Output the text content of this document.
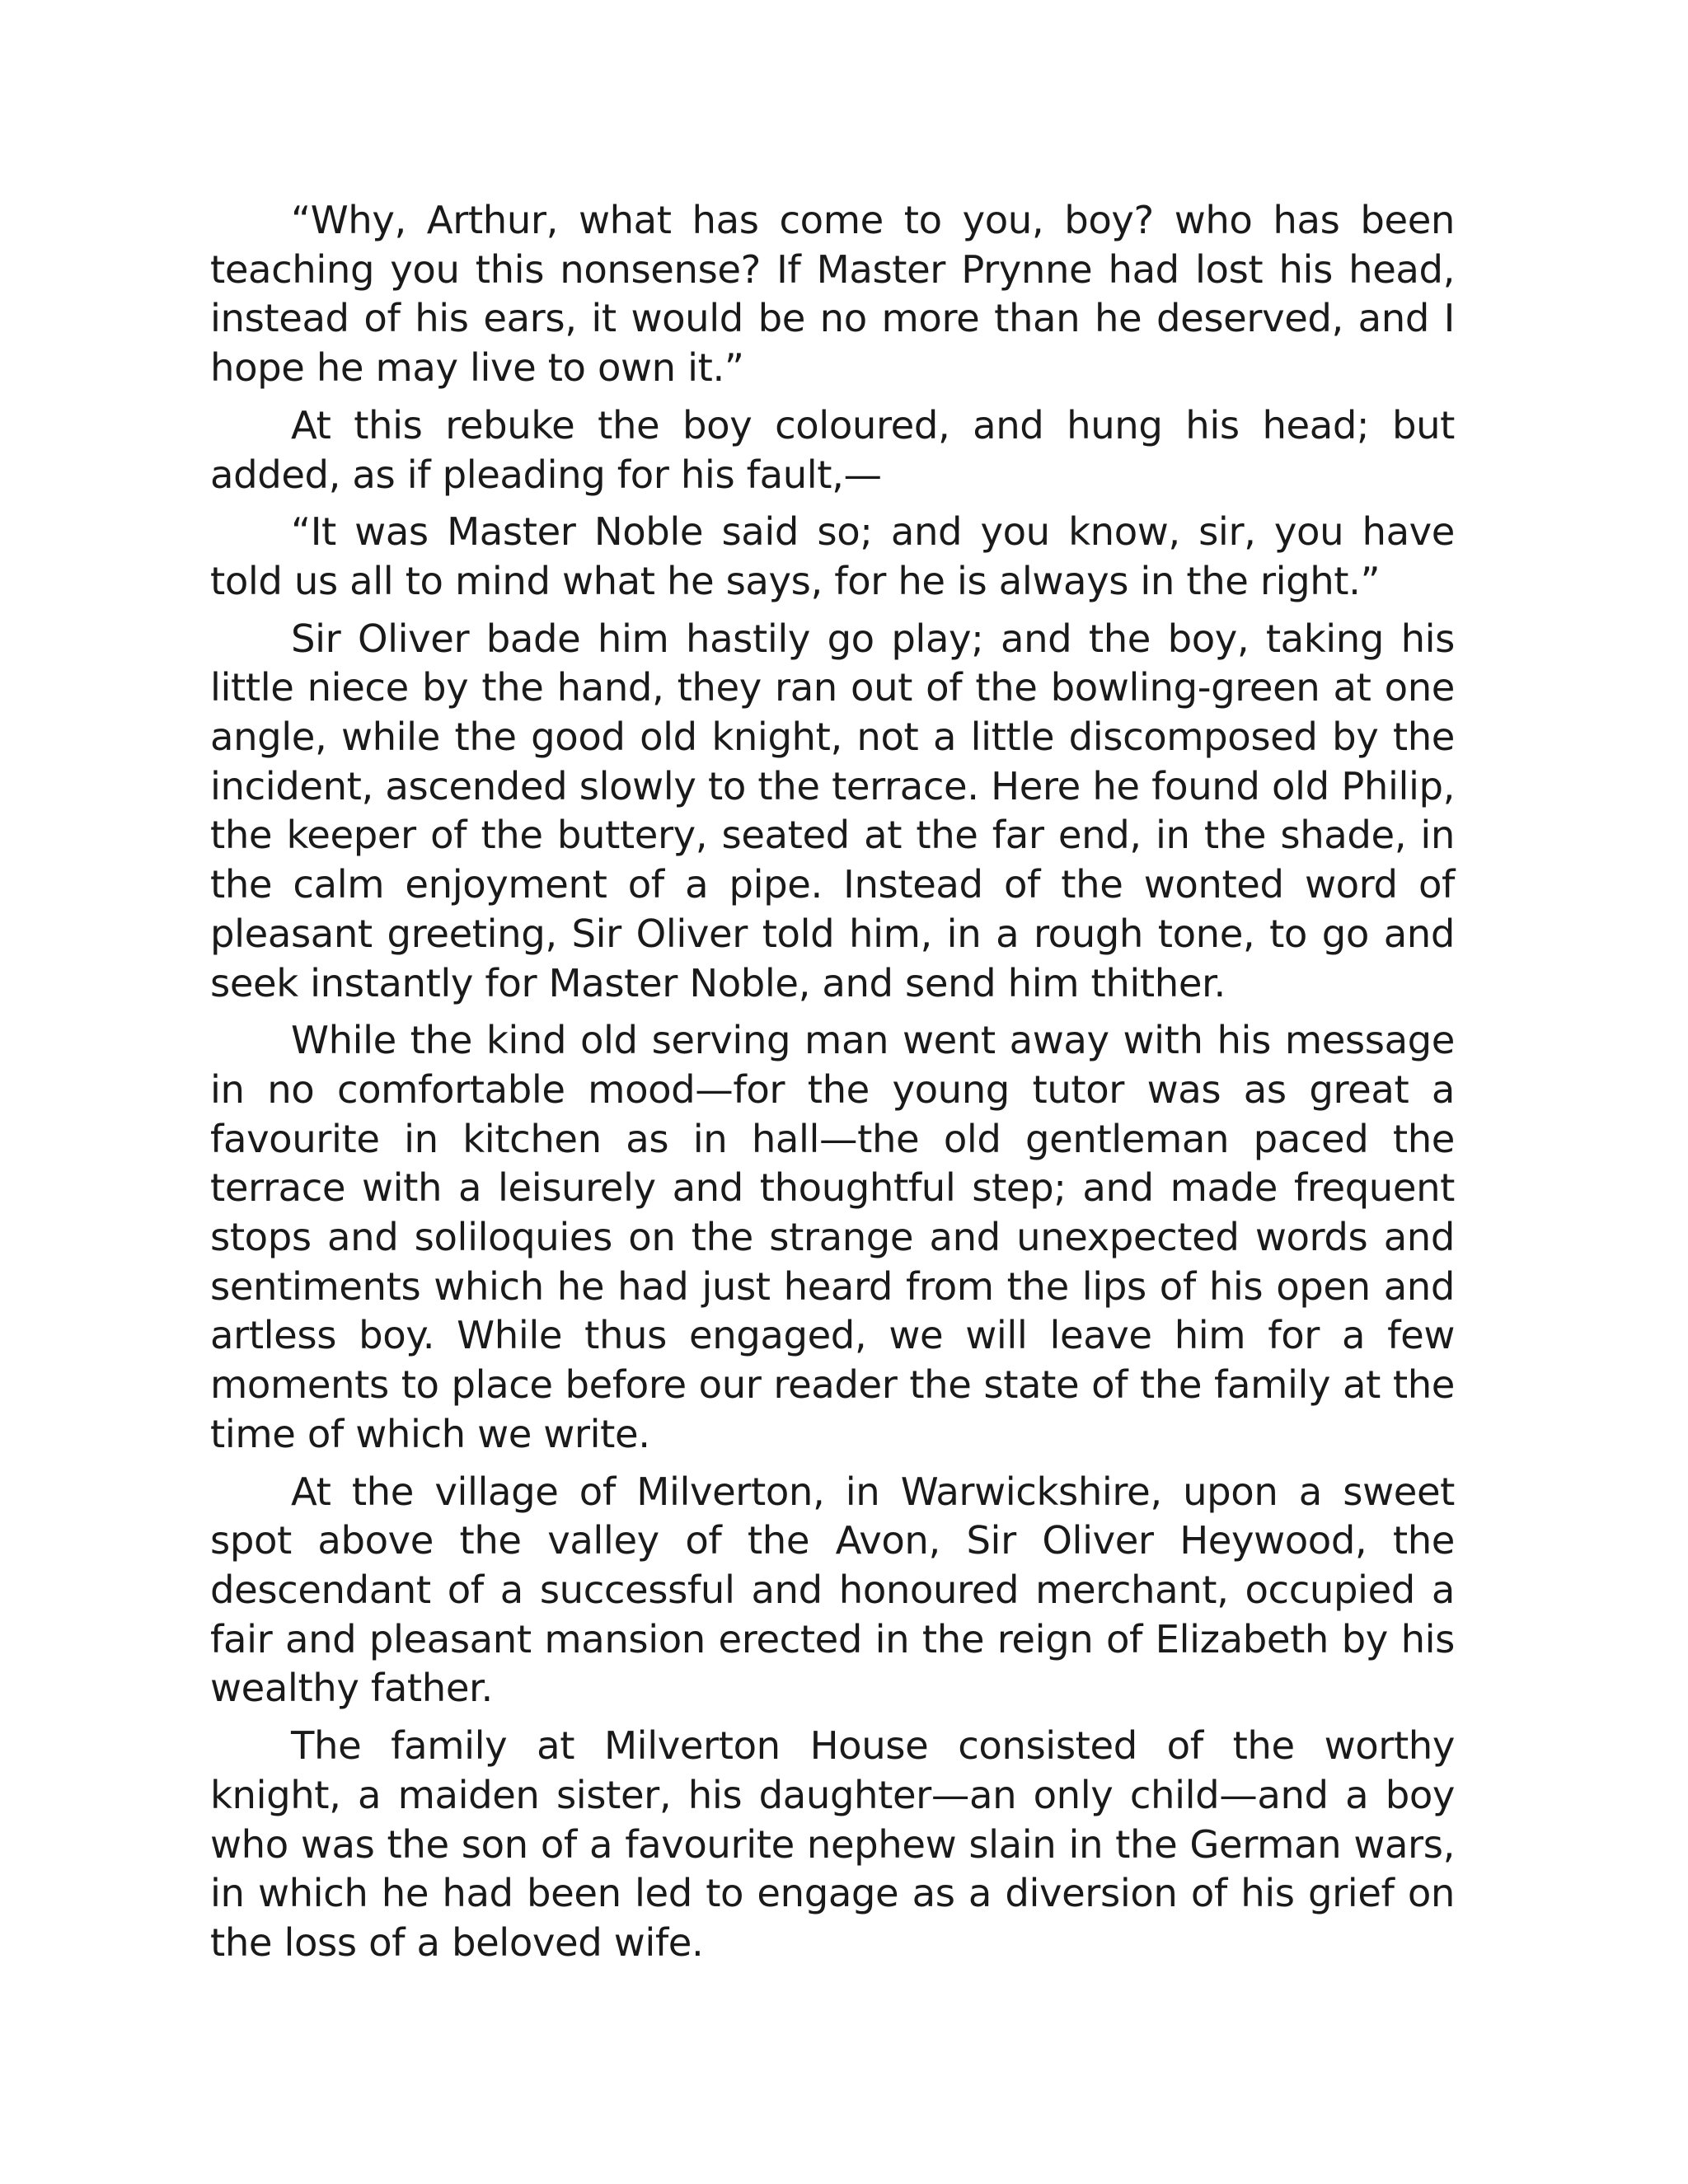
“Why, Arthur, what has come to you, boy? who has been teaching you this nonsense? If Master Prynne had lost his head, instead of his ears, it would be no more than he deserved, and I hope he may live to own it.”

At this rebuke the boy coloured, and hung his head; but added, as if pleading for his fault,—

“It was Master Noble said so; and you know, sir, you have told us all to mind what he says, for he is always in the right.”

Sir Oliver bade him hastily go play; and the boy, taking his little niece by the hand, they ran out of the bowling-green at one angle, while the good old knight, not a little discomposed by the incident, ascended slowly to the terrace. Here he found old Philip, the keeper of the buttery, seated at the far end, in the shade, in the calm enjoyment of a pipe. Instead of the wonted word of pleasant greeting, Sir Oliver told him, in a rough tone, to go and seek instantly for Master Noble, and send him thither.

While the kind old serving man went away with his message in no comfortable mood—for the young tutor was as great a favourite in kitchen as in hall—the old gentleman paced the terrace with a leisurely and thoughtful step; and made frequent stops and soliloquies on the strange and unexpected words and sentiments which he had just heard from the lips of his open and artless boy. While thus engaged, we will leave him for a few moments to place before our reader the state of the family at the time of which we write.

At the village of Milverton, in Warwickshire, upon a sweet spot above the valley of the Avon, Sir Oliver Heywood, the descendant of a successful and honoured merchant, occupied a fair and pleasant mansion erected in the reign of Elizabeth by his wealthy father.

The family at Milverton House consisted of the worthy knight, a maiden sister, his daughter—an only child—and a boy who was the son of a favourite nephew slain in the German wars, in which he had been led to engage as a diversion of his grief on the loss of a beloved wife.
